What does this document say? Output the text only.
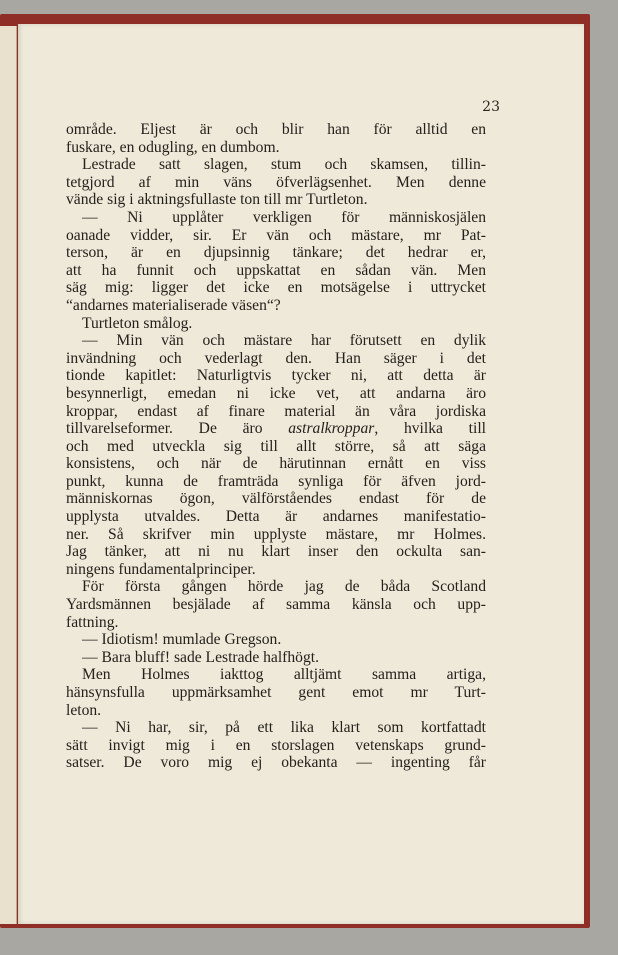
23
område. Eljest är och blir han för alltid en
fuskare, en odugling, en dumbom.
Lestrade satt slagen, stum och skamsen, tillin-
tetgjord af min väns öfverlägsenhet. Men denne
vände sig i aktningsfullaste ton till mr Turtleton.
— Ni upplåter verkligen för människosjälen
oanade vidder, sir. Er vän och mästare, mr Pat-
terson, är en djupsinnig tänkare; det hedrar er,
att ha funnit och uppskattat en sådan vän. Men
säg mig: ligger det icke en motsägelse i uttrycket
“andarnes materialiserade väsen“?
Turtleton smålog.
— Min vän och mästare har förutsett en dylik
invändning och vederlagt den. Han säger i det
tionde kapitlet: Naturligtvis tycker ni, att detta är
besynnerligt, emedan ni icke vet, att andarna äro
kroppar, endast af finare material än våra jordiska
tillvarelseformer. De äro astralkroppar, hvilka till
och med utveckla sig till allt större, så att säga
konsistens, och när de härutinnan ernått en viss
punkt, kunna de framträda synliga för äfven jord-
människornas ögon, välförståendes endast för de
upplysta utvaldes. Detta är andarnes manifestatio-
ner. Så skrifver min upplyste mästare, mr Holmes.
Jag tänker, att ni nu klart inser den ockulta san-
ningens fundamentalprinciper.
För första gången hörde jag de båda Scotland
Yardsmännen besjälade af samma känsla och upp-
fattning.
— Idiotism! mumlade Gregson.
— Bara bluff! sade Lestrade halfhögt.
Men Holmes iakttog alltjämt samma artiga,
hänsynsfulla uppmärksamhet gent emot mr Turt-
leton.
— Ni har, sir, på ett lika klart som kortfattadt
sätt invigt mig i en storslagen vetenskaps grund-
satser. De voro mig ej obekanta — ingenting får
